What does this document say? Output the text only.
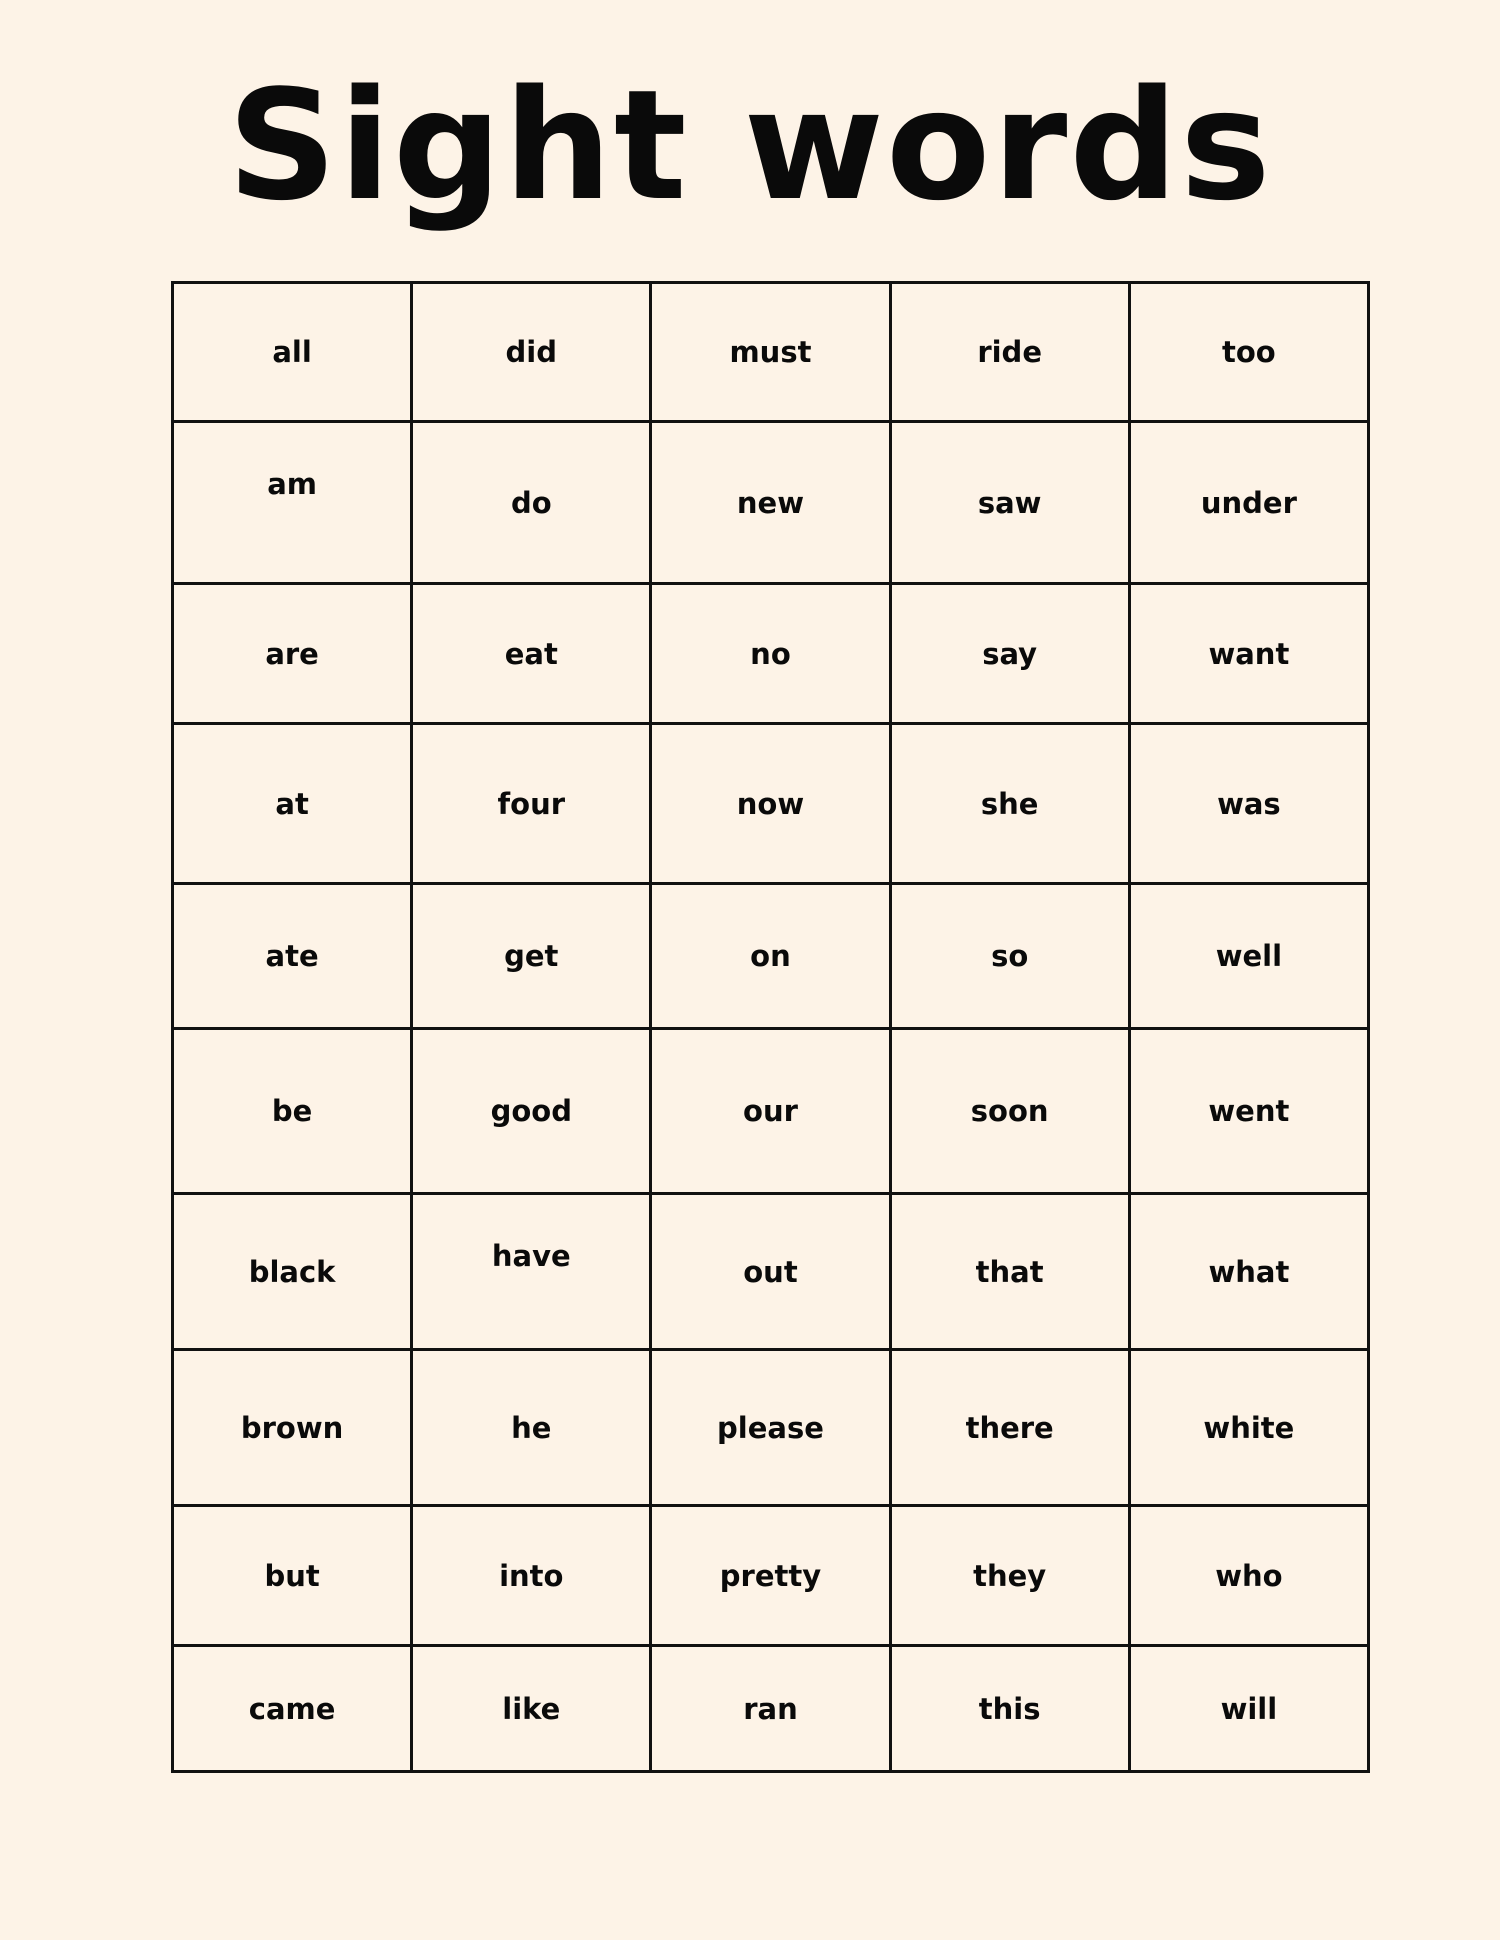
Sight words
all	did	must	ride	too
am	do	new	saw	under
are	eat	no	say	want
at	four	now	she	was
ate	get	on	so	well
be	good	our	soon	went
black	have	out	that	what
brown	he	please	there	white
but	into	pretty	they	who
came	like	ran	this	will
